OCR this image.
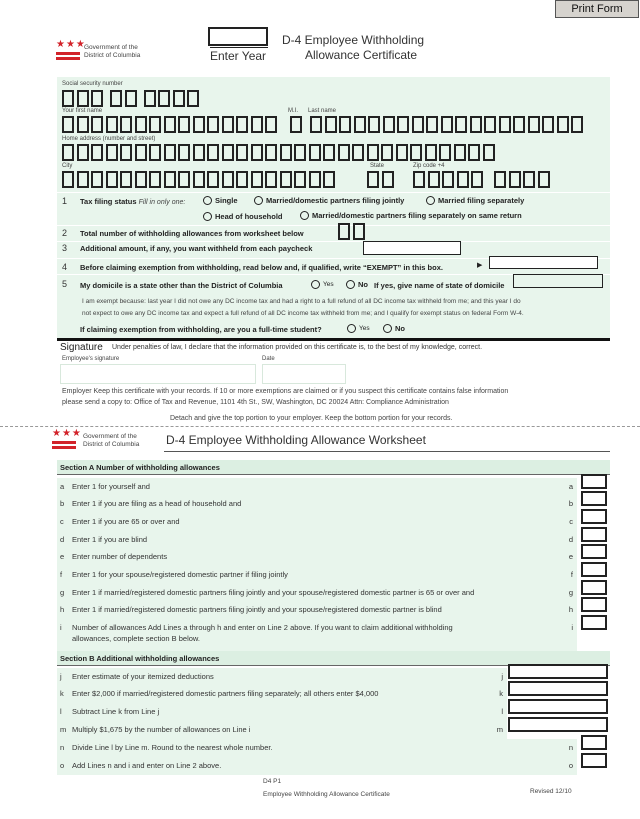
Print Form
★★★
Government of the
District of Columbia	Enter Year
D-4 Employee Withholding
Allowance Certificate
Social security number
Your first name	M.I. Last name
Home address (number and street)
City	State	Zip code +4
1 Tax filing status Fill in only one:	Single	Married/domestic partners filing jointly	Married filing separately
Head of household	Married/domestic partners filing separately on same return
2 Total number of withholding allowances from worksheet below
3 Additional amount, if any, you want withheld from each paycheck
4 Before claiming exemption from withholding, read below and, if qualified, write “EXEMPT” in this box.	▶
5 My domicile is a state other than the District of Columbia	Yes	No If yes, give name of state of domicile
I am exempt because: last year I did not owe any DC income tax and had a right to a full refund of all DC income tax withheld from me; and this year I do
not expect to owe any DC income tax and expect a full refund of all DC income tax withheld from me; and I qualify for exempt status on federal Form W-4.
If claiming exemption from withholding, are you a full-time student?	Yes	No
Signature Under penalties of law, I declare that the information provided on this certificate is, to the best of my knowledge, correct.
Employee's signature	Date
Employer Keep this certificate with your records. If 10 or more exemptions are claimed or if you suspect this certificate contains false information
please send a copy to: Office of Tax and Revenue, 1101 4th St., SW, Washington, DC 20024 Attn: Compliance Administration
Detach and give the top portion to your employer. Keep the bottom portion for your records.
★★★ Government of the
District of Columbia	D-4 Employee Withholding Allowance Worksheet
Section A Number of withholding allowances
a	Enter 1 for yourself and	a
b	Enter 1 if you are filing as a head of household and	b
c	Enter 1 if you are 65 or over and	c
d	Enter 1 if you are blind	d
e	Enter number of dependents	e
f	Enter 1 for your spouse/registered domestic partner if filing jointly	f
g	Enter 1 if married/registered domestic partners filing jointly and your spouse/registered domestic partner is 65 or over and	g
h	Enter 1 if married/registered domestic partners filing jointly and your spouse/registered domestic partner is blind	h
i	Number of allowances Add Lines a through h and enter on Line 2 above. If you want to claim additional withholding	i
allowances, complete section B below.
Section B Additional withholding allowances
j	Enter estimate of your itemized deductions	j
k	Enter $2,000 if married/registered domestic partners filing separately; all others enter $4,000	k
l	Subtract Line k from Line j	l
m Multiply $1,675 by the number of allowances on Line i	m
n	Divide Line l by Line m. Round to the nearest whole number.	n
o	Add Lines n and i and enter on Line 2 above.	o
D4 P1
Employee Withholding Allowance Certificate	Revised 12/10
